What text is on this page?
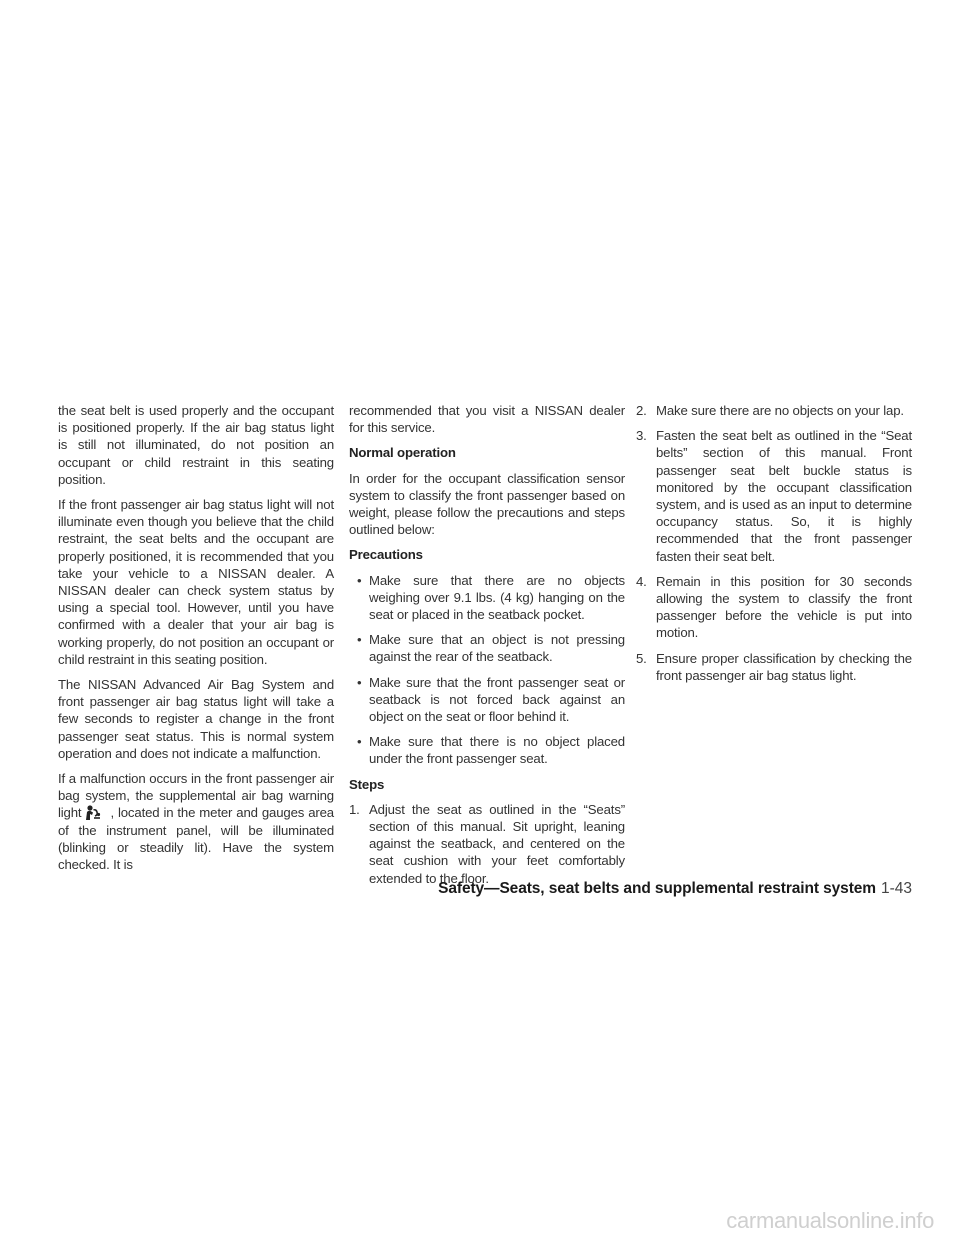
the seat belt is used properly and the occupant is positioned properly. If the air bag status light is still not illuminated, do not position an occupant or child restraint in this seating position.

If the front passenger air bag status light will not illuminate even though you believe that the child restraint, the seat belts and the occupant are properly positioned, it is recommended that you take your vehicle to a NISSAN dealer. A NISSAN dealer can check system status by using a special tool. However, until you have confirmed with a dealer that your air bag is working properly, do not position an occupant or child restraint in this seating position.

The NISSAN Advanced Air Bag System and front passenger air bag status light will take a few seconds to register a change in the front passenger seat status. This is normal system operation and does not indicate a malfunction.

If a malfunction occurs in the front passenger air bag system, the supplemental air bag warning light , located in the meter and gauges area of the instrument panel, will be illuminated (blinking or steadily lit). Have the system checked. It is

recommended that you visit a NISSAN dealer for this service.

Normal operation

In order for the occupant classification sensor system to classify the front passenger based on weight, please follow the precautions and steps outlined below:

Precautions
• Make sure that there are no objects weighing over 9.1 lbs. (4 kg) hanging on the seat or placed in the seatback pocket.
• Make sure that an object is not pressing against the rear of the seatback.
• Make sure that the front passenger seat or seatback is not forced back against an object on the seat or floor behind it.
• Make sure that there is no object placed under the front passenger seat.
Steps
1. Adjust the seat as outlined in the “Seats” section of this manual. Sit upright, leaning against the seatback, and centered on the seat cushion with your feet comfortably extended to the floor.
2. Make sure there are no objects on your lap.
3. Fasten the seat belt as outlined in the “Seat belts” section of this manual. Front passenger seat belt buckle status is monitored by the occupant classification system, and is used as an input to determine occupancy status. So, it is highly recommended that the front passenger fasten their seat belt.
4. Remain in this position for 30 seconds allowing the system to classify the front passenger before the vehicle is put into motion.
5. Ensure proper classification by checking the front passenger air bag status light.
Safety—Seats, seat belts and supplemental restraint system 1-43
carmanualsonline.info
